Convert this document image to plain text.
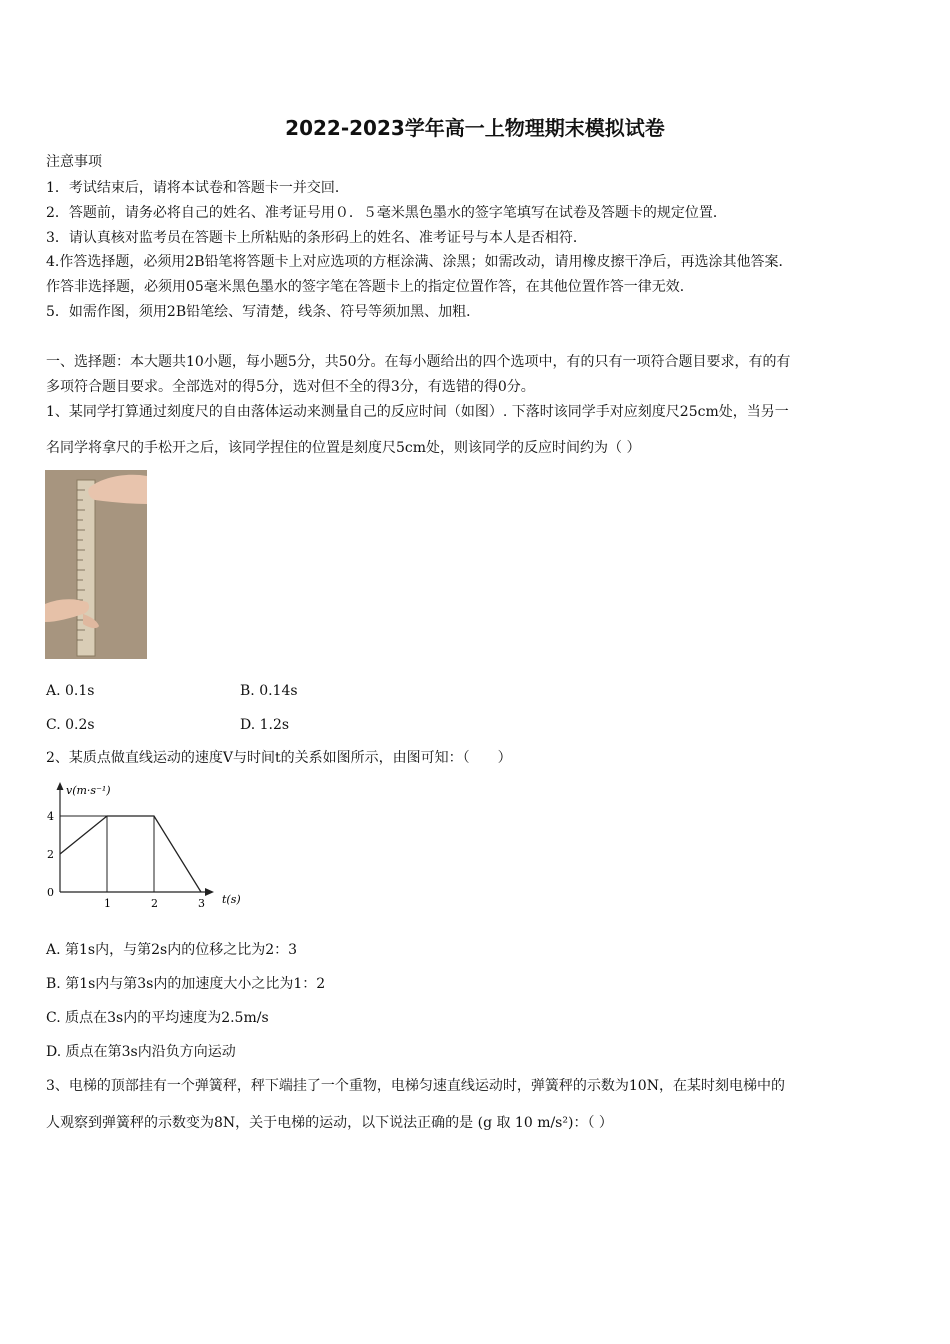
2022-2023学年高一上物理期末模拟试卷
注意事项
1．考试结束后，请将本试卷和答题卡一并交回．
2．答题前，请务必将自己的姓名、准考证号用０．５毫米黑色墨水的签字笔填写在试卷及答题卡的规定位置．
3．请认真核对监考员在答题卡上所粘贴的条形码上的姓名、准考证号与本人是否相符．
4.作答选择题，必须用2B铅笔将答题卡上对应选项的方框涂满、涂黑；如需改动，请用橡皮擦干净后，再选涂其他答案．
作答非选择题，必须用05毫米黑色墨水的签字笔在答题卡上的指定位置作答，在其他位置作答一律无效．
5．如需作图，须用2B铅笔绘、写清楚，线条、符号等须加黑、加粗．
一、选择题：本大题共10小题，每小题5分，共50分。在每小题给出的四个选项中，有的只有一项符合题目要求，有的有
多项符合题目要求。全部选对的得5分，选对但不全的得3分，有选错的得0分。
1、某同学打算通过刻度尺的自由落体运动来测量自己的反应时间（如图）. 下落时该同学手对应刻度尺25cm处，当另一
名同学将拿尺的手松开之后，该同学捏住的位置是刻度尺5cm处，则该同学的反应时间约为（ ）
A. 0.1s	B. 0.14s
C. 0.2s	D. 1.2s
2、某质点做直线运动的速度V与时间t的关系如图所示，由图可知：（　　）
v(m·s⁻¹)
t(s)
1	2	3
0
2
4
A. 第1s内，与第2s内的位移之比为2：3
B. 第1s内与第3s内的加速度大小之比为1：2
C. 质点在3s内的平均速度为2.5m/s
D. 质点在第3s内沿负方向运动
3、电梯的顶部挂有一个弹簧秤，秤下端挂了一个重物，电梯匀速直线运动时，弹簧秤的示数为10N，在某时刻电梯中的
人观察到弹簧秤的示数变为8N，关于电梯的运动，以下说法正确的是 (g 取 10 m/s²)：（ ）
